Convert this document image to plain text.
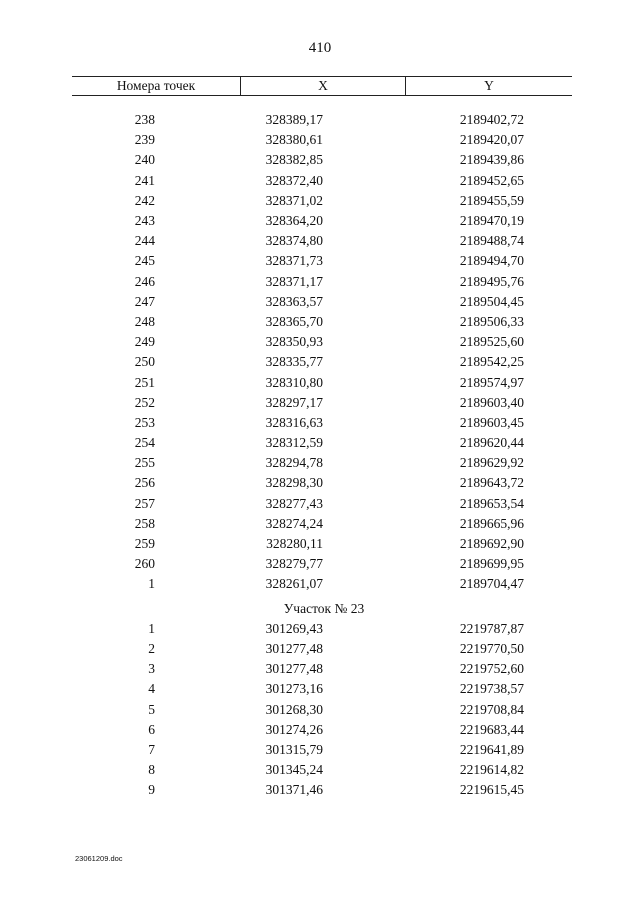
410
Номера точек	X	Y
238	328389,17	2189402,72
239	328380,61	2189420,07
240	328382,85	2189439,86
241	328372,40	2189452,65
242	328371,02	2189455,59
243	328364,20	2189470,19
244	328374,80	2189488,74
245	328371,73	2189494,70
246	328371,17	2189495,76
247	328363,57	2189504,45
248	328365,70	2189506,33
249	328350,93	2189525,60
250	328335,77	2189542,25
251	328310,80	2189574,97
252	328297,17	2189603,40
253	328316,63	2189603,45
254	328312,59	2189620,44
255	328294,78	2189629,92
256	328298,30	2189643,72
257	328277,43	2189653,54
258	328274,24	2189665,96
259	328280,11	2189692,90
260	328279,77	2189699,95
1	328261,07	2189704,47
Участок № 23
1	301269,43	2219787,87
2	301277,48	2219770,50
3	301277,48	2219752,60
4	301273,16	2219738,57
5	301268,30	2219708,84
6	301274,26	2219683,44
7	301315,79	2219641,89
8	301345,24	2219614,82
9	301371,46	2219615,45
23061209.doc
